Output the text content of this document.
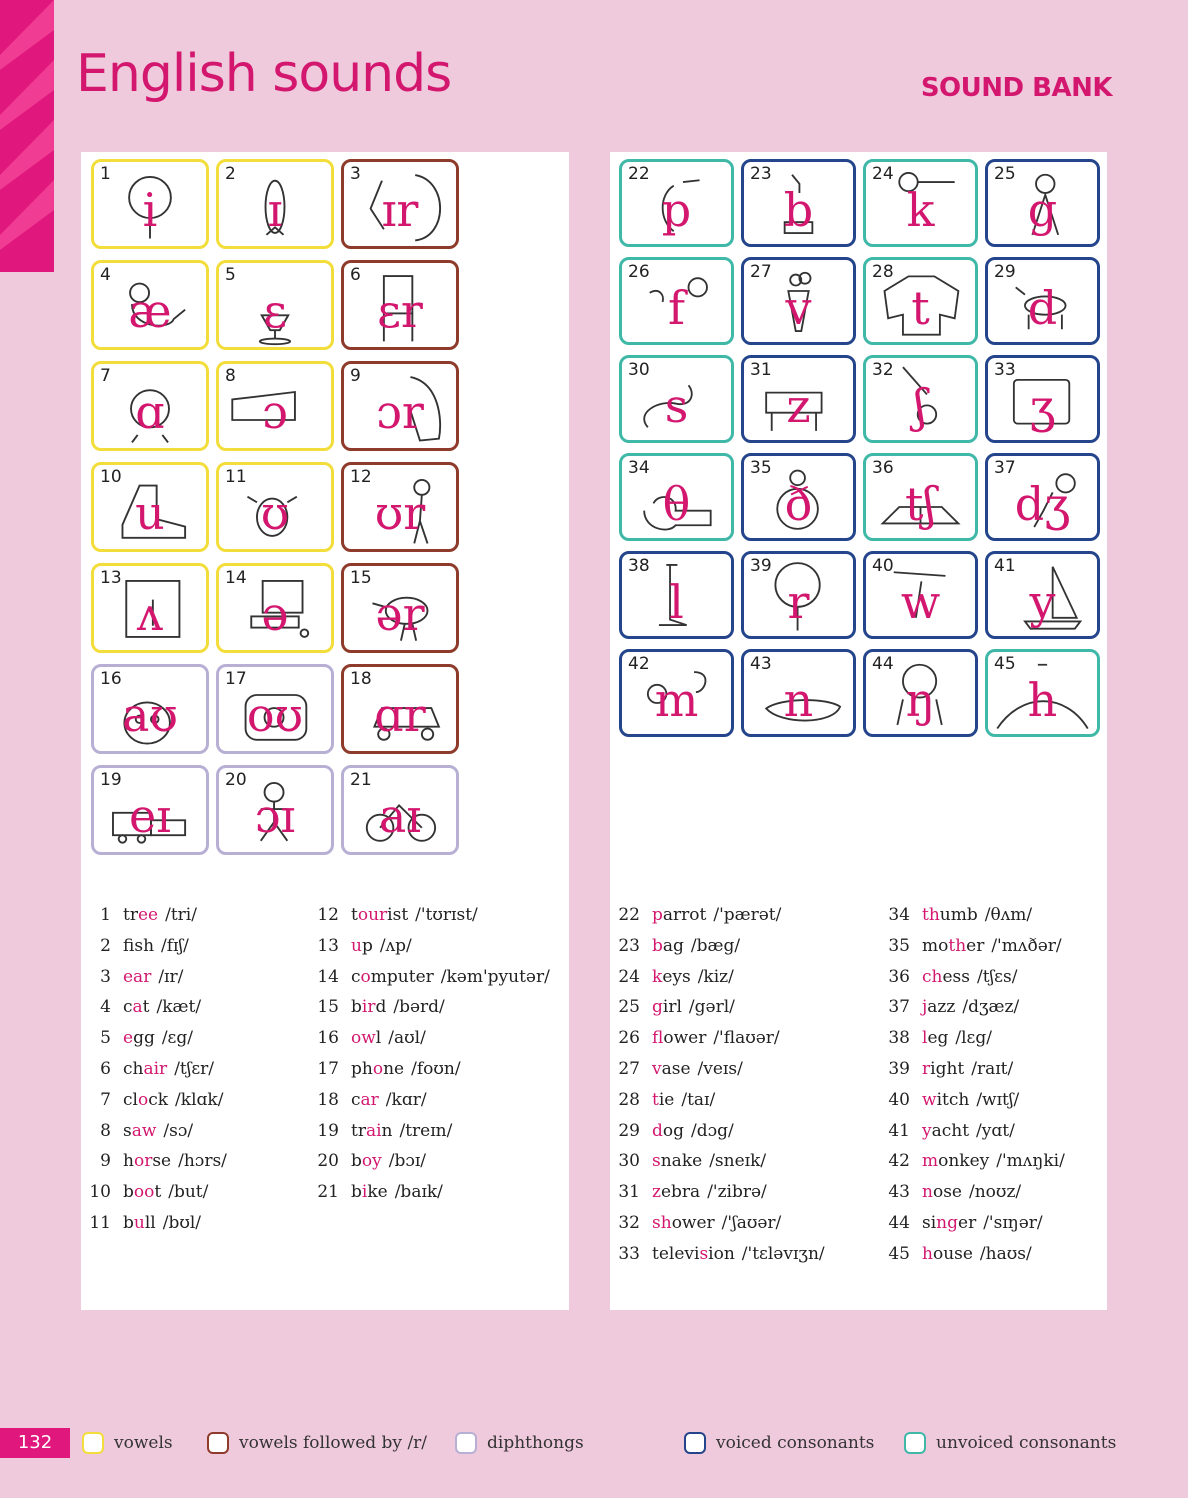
English sounds	SOUND BANK
1
i
2
ɪ
3
ɪr
4
æ
5
ɛ
6
ɛr
7
ɑ
8
ɔ
9
ɔr
10
u
11
ʊ
12
ʊr
13
ʌ
14
ə
15
ər
16
aʊ
17
oʊ
18
ɑr
19
eɪ
20
ɔɪ
21
aɪ
1 tree /tri/
2 fsh /fɪʃ/
3 ear /ɪr/
4 cat /kæt/
5 egg /ɛg/
6 chair /tʃɛr/
7 clock /klɑk/
8 saw /sɔ/
9 horse /hɔrs/
10 boot /but/
11 bull /bʊl/
12 tourist /'tʊrɪst/
13 up /ʌp/
14 computer /kəm'pyutər/
15 bird /bərd/
16 owl /aʊl/
17 phone /foʊn/
18 car /kɑr/
19 train /treɪn/
20 boy /bɔɪ/
21 bike /baɪk/
22
p
23
b
24
k
25
g
26
f
27
v
28
t
29
d
30
s
31
z
32
ʃ
33
ʒ
34
θ
35
ð
36
tʃ
37
dʒ
38
l
39
r
40
w
41
y
42
m
43
n
44
ŋ
45
h
22 parrot /'pærət/
23 bag /bæg/
24 keys /kiz/
25 girl /gərl/
26 flower /'flaʊər/
27 vase /veɪs/
28 tie /taɪ/
29 dog /dɔg/
30 snake /sneɪk/
31 zebra /'zibrə/
32 shower /'ʃaʊər/
33 television /'tɛləvɪʒn/
34 thumb /θʌm/
35 mother /'mʌðər/
36 chess /tʃɛs/
37 jazz /dʒæz/
38 leg /lɛg/
39 right /raɪt/
40 witch /wɪtʃ/
41 yacht /yɑt/
42 monkey /'mʌŋki/
43 nose /noʊz/
44 singer /'sɪŋər/
45 house /haʊs/
132	vowels	vowels followed by /r/	diphthongs	voiced consonants	unvoiced consonants
